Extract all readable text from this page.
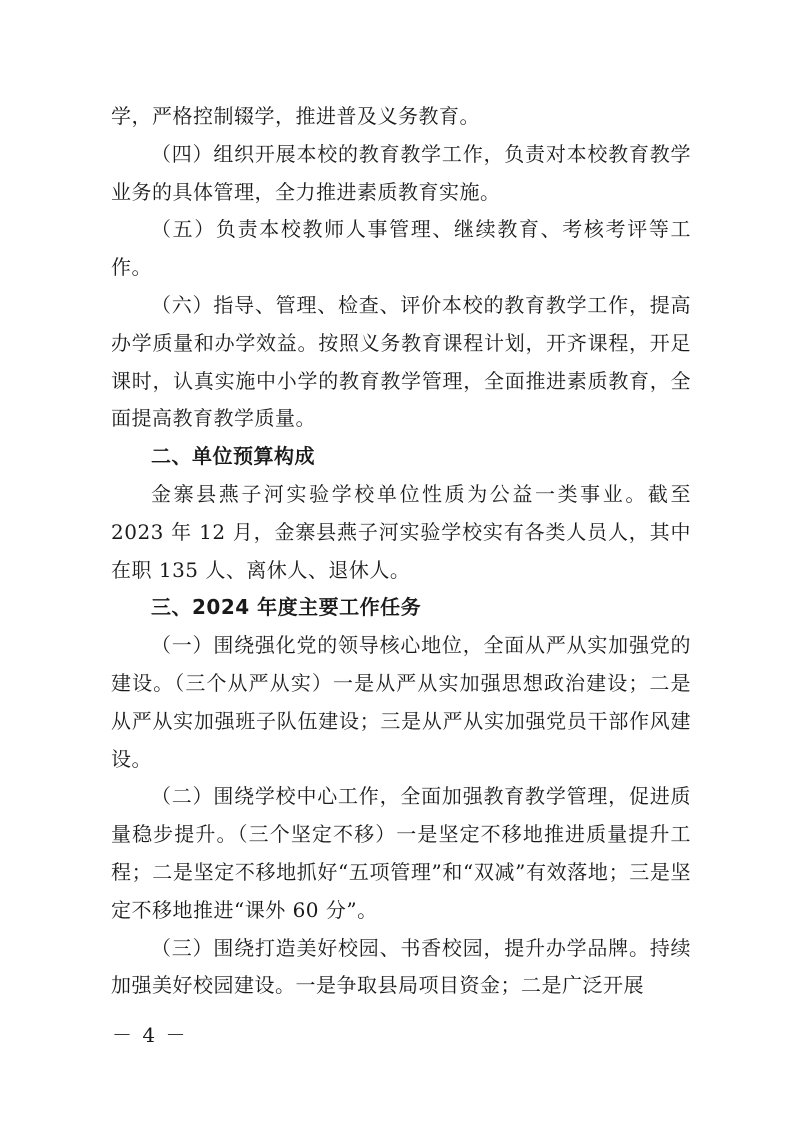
学，严格控制辍学，推进普及义务教育。

（四）组织开展本校的教育教学工作，负责对本校教育教学业务的具体管理，全力推进素质教育实施。

（五）负责本校教师人事管理、继续教育、考核考评等工作。

（六）指导、管理、检查、评价本校的教育教学工作，提高办学质量和办学效益。按照义务教育课程计划，开齐课程，开足课时，认真实施中小学的教育教学管理，全面推进素质教育，全面提高教育教学质量。

二、单位预算构成

金寨县燕子河实验学校单位性质为公益一类事业。截至2023 年 12 月，金寨县燕子河实验学校实有各类人员人，其中在职 135 人、离休人、退休人。

三、2024 年度主要工作任务

（一）围绕强化党的领导核心地位，全面从严从实加强党的建设。（三个从严从实）一是从严从实加强思想政治建设；二是从严从实加强班子队伍建设；三是从严从实加强党员干部作风建设。

（二）围绕学校中心工作，全面加强教育教学管理，促进质量稳步提升。（三个坚定不移）一是坚定不移地推进质量提升工程；二是坚定不移地抓好“五项管理”和“双减”有效落地；三是坚定不移地推进“课外 60 分”。

（三）围绕打造美好校园、书香校园，提升办学品牌。持续加强美好校园建设。一是争取县局项目资金；二是广泛开展

－ 4 －
